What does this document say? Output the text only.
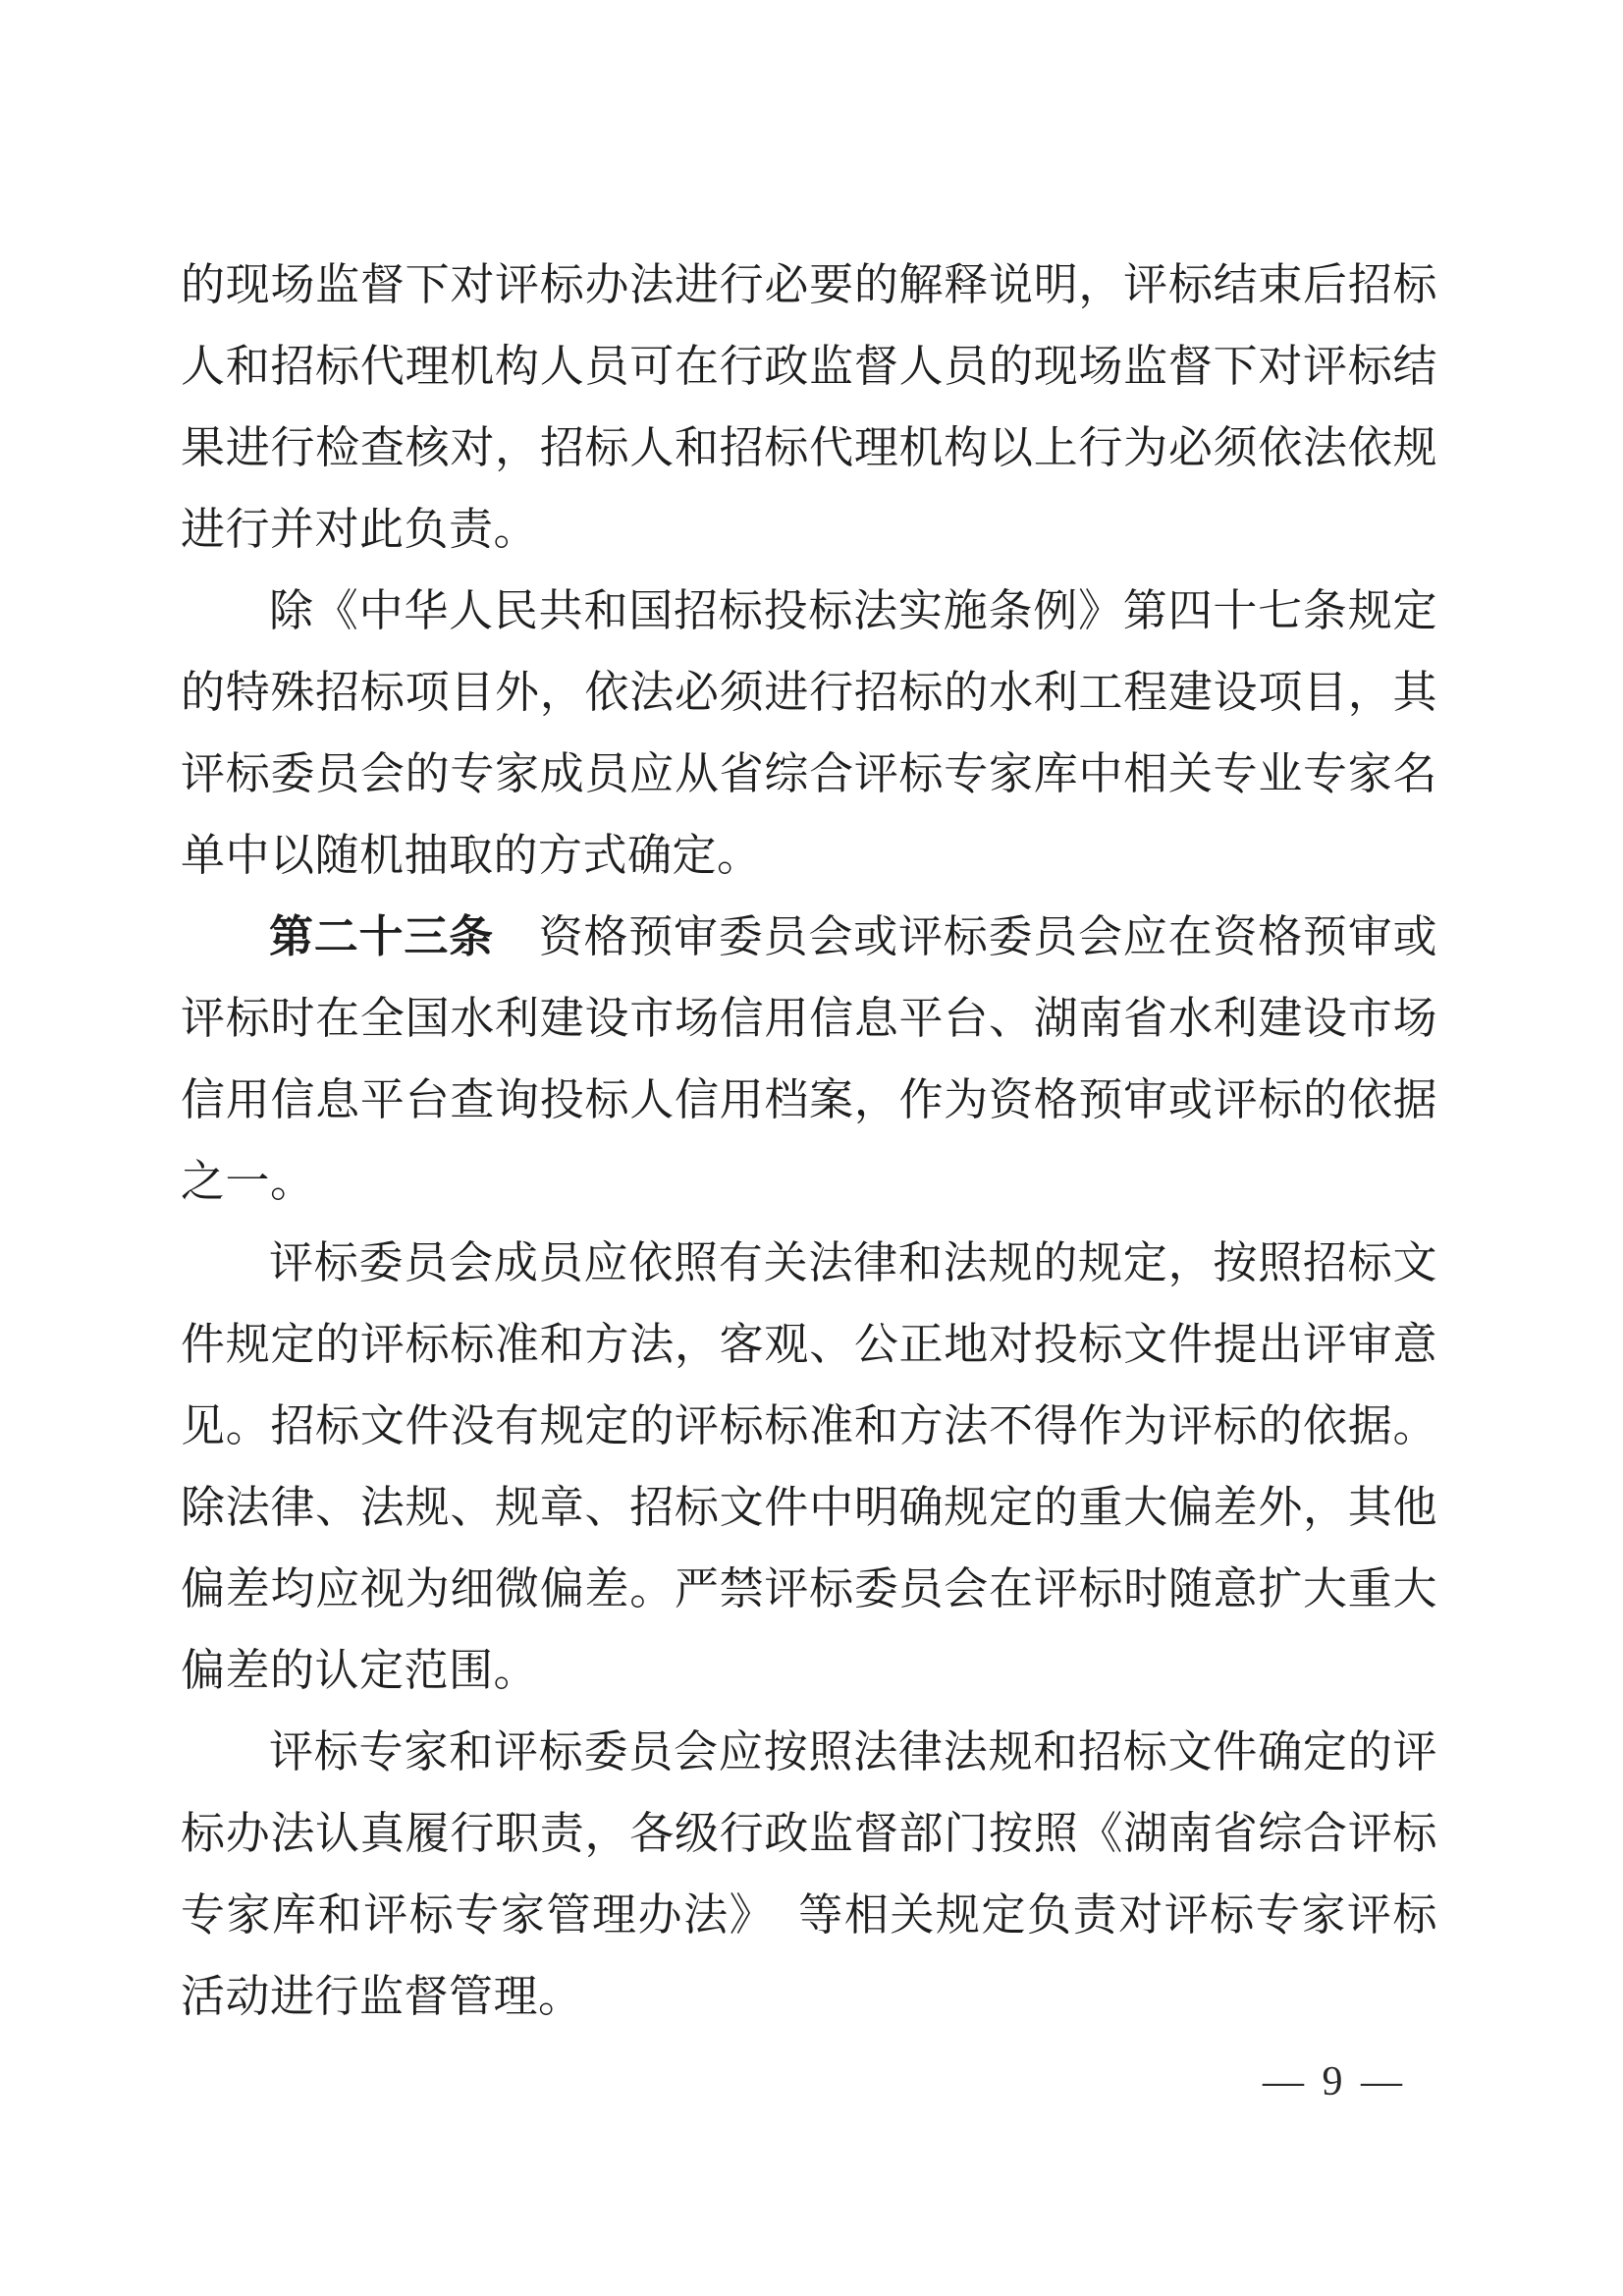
的现场监督下对评标办法进行必要的解释说明，评标结束后招标人和招标代理机构人员可在行政监督人员的现场监督下对评标结果进行检查核对，招标人和招标代理机构以上行为必须依法依规进行并对此负责。

除《中华人民共和国招标投标法实施条例》第四十七条规定的特殊招标项目外，依法必须进行招标的水利工程建设项目，其评标委员会的专家成员应从省综合评标专家库中相关专业专家名单中以随机抽取的方式确定。

第二十三条　资格预审委员会或评标委员会应在资格预审或评标时在全国水利建设市场信用信息平台、湖南省水利建设市场信用信息平台查询投标人信用档案，作为资格预审或评标的依据之一。

评标委员会成员应依照有关法律和法规的规定，按照招标文件规定的评标标准和方法，客观、公正地对投标文件提出评审意见。招标文件没有规定的评标标准和方法不得作为评标的依据。除法律、法规、规章、招标文件中明确规定的重大偏差外，其他偏差均应视为细微偏差。严禁评标委员会在评标时随意扩大重大偏差的认定范围。

评标专家和评标委员会应按照法律法规和招标文件确定的评标办法认真履行职责，各级行政监督部门按照《湖南省综合评标专家库和评标专家管理办法》　等相关规定负责对评标专家评标活动进行监督管理。

— 9 —
